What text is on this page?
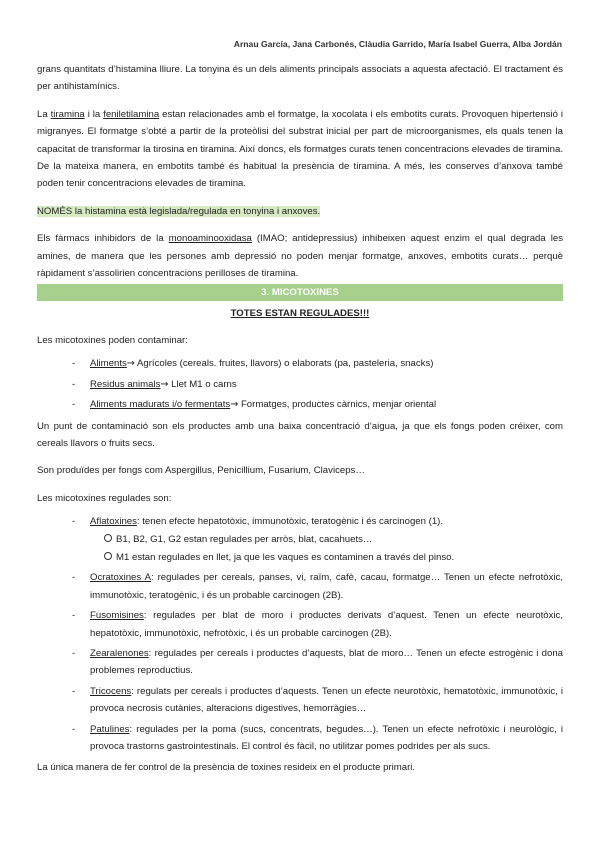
Arnau García, Jana Carbonés, Clàudia Garrido, María Isabel Guerra, Alba Jordán

grans quantitats d’histamina lliure. La tonyina és un dels aliments principals associats a aquesta afectació. El tractament és per antihistamínics.

La tiramina i la feniletilamina estan relacionades amb el formatge, la xocolata i els embotits curats. Provoquen hipertensió i migranyes. El formatge s’obté a partir de la proteòlisi del substrat inicial per part de microorganismes, els quals tenen la capacitat de transformar la tirosina en tiramina. Així doncs, els formatges curats tenen concentracions elevades de tiramina. De la mateixa manera, en embotits també és habitual la presència de tiramina. A més, les conserves d’anxova també poden tenir concentracions elevades de tiramina.

NOMÉS la histamina està legislada/regulada en tonyina i anxoves.

Els fàrmacs inhibidors de la monoaminooxidasa (IMAO; antidepressius) inhibeixen aquest enzim el qual degrada les amines, de manera que les persones amb depressió no poden menjar formatge, anxoves, embotits curats… perquè ràpidament s’assolirien concentracions perilloses de tiramina.

3. MICOTOXINES
TOTES ESTAN REGULADES!!!

Les micotoxines poden contaminar:

- Aliments→ Agrícoles (cereals. fruites, llavors) o elaborats (pa, pasteleria, snacks)
- Residus animals→ Llet M1 o carns
- Aliments madurats i/o fermentats→ Formatges, productes càrnics, menjar oriental

Un punt de contaminació son els productes amb una baixa concentració d’aigua, ja que els fongs poden créixer, com cereals llavors o fruits secs.

Son produïdes per fongs com Aspergillus, Penicillium, Fusarium, Claviceps…

Les micotoxines regulades son:

- Aflatoxines: tenen efecte hepatotòxic, immunotòxic, teratogènic i és carcinogen (1).
B1, B2, G1, G2 estan regulades per arròs, blat, cacahuets…
M1 estan regulades en llet, ja que les vaques es contaminen a través del pinso.
- Ocratoxines A: regulades per cereals, panses, vi, raïm, cafè, cacau, formatge… Tenen un efecte nefrotòxic, immunotòxic, teratogènic, i és un probable carcinogen (2B).
- Fusomisines: regulades per blat de moro i productes derivats d’aquest. Tenen un efecte neurotòxic, hepatotòxic, immunotòxic, nefrotòxic, i és un probable carcinogen (2B).
- Zearalenones: regulades per cereals i productes d’aquests, blat de moro… Tenen un efecte estrogènic i dona problemes reproductius.
- Tricocens: regulats per cereals i productes d’aquests. Tenen un efecte neurotòxic, hematotòxic, immunotòxic, i provoca necrosis cutànies, alteracions digestives, hemorràgies…
- Patulines: regulades per la poma (sucs, concentrats, begudes…). Tenen un efecte nefrotòxic i neurològic, i provoca trastorns gastrointestinals. El control és fàcil, no utilitzar pomes podrides per als sucs.

La única manera de fer control de la presència de toxines resideix en el producte primari.
